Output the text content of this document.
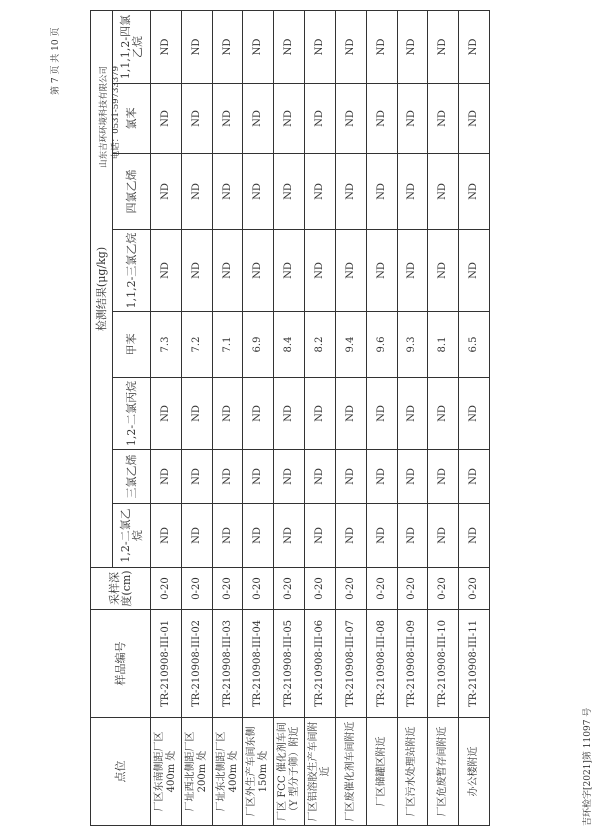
吉环检字[2021]第 11097 号
第 7 页 共 10 页
点位	样品编号	采样深度(cm)	检测结果(μg/kg)							
			1,2-二氯乙烷	三氯乙烯	1,2-二氯丙烷	甲苯	1,1,2-三氯乙烷	四氯乙烯	氯苯	1,1,1,2-四氯乙烷
厂区东南侧距厂区400m 处	TR-210908-III-01	0-20	ND	ND	ND	7.3	ND	ND	ND	ND
厂址西北侧距厂区200m 处	TR-210908-III-02	0-20	ND	ND	ND	7.2	ND	ND	ND	ND
厂址东北侧距厂区400m 处	TR-210908-III-03	0-20	ND	ND	ND	7.1	ND	ND	ND	ND
厂区外生产车间东侧150m 处	TR-210908-III-04	0-20	ND	ND	ND	6.9	ND	ND	ND	ND
厂区 FCC 催化剂车间（Y 型分子筛）附近	TR-210908-III-05	0-20	ND	ND	ND	8.4	ND	ND	ND	ND
厂区铝溶胶生产车间附近	TR-210908-III-06	0-20	ND	ND	ND	8.2	ND	ND	ND	ND
厂区废催化剂车间附近	TR-210908-III-07	0-20	ND	ND	ND	9.4	ND	ND	ND	ND
厂区储罐区附近	TR-210908-III-08	0-20	ND	ND	ND	9.6	ND	ND	ND	ND
厂区污水处理站附近	TR-210908-III-09	0-20	ND	ND	ND	9.3	ND	ND	ND	ND
厂区危废暂存间附近	TR-210908-III-10	0-20	ND	ND	ND	8.1	ND	ND	ND	ND
办公楼附近	TR-210908-III-11	0-20	ND	ND	ND	6.5	ND	ND	ND	ND
山东吉环环境科技有限公司 电话：0531-59733379
